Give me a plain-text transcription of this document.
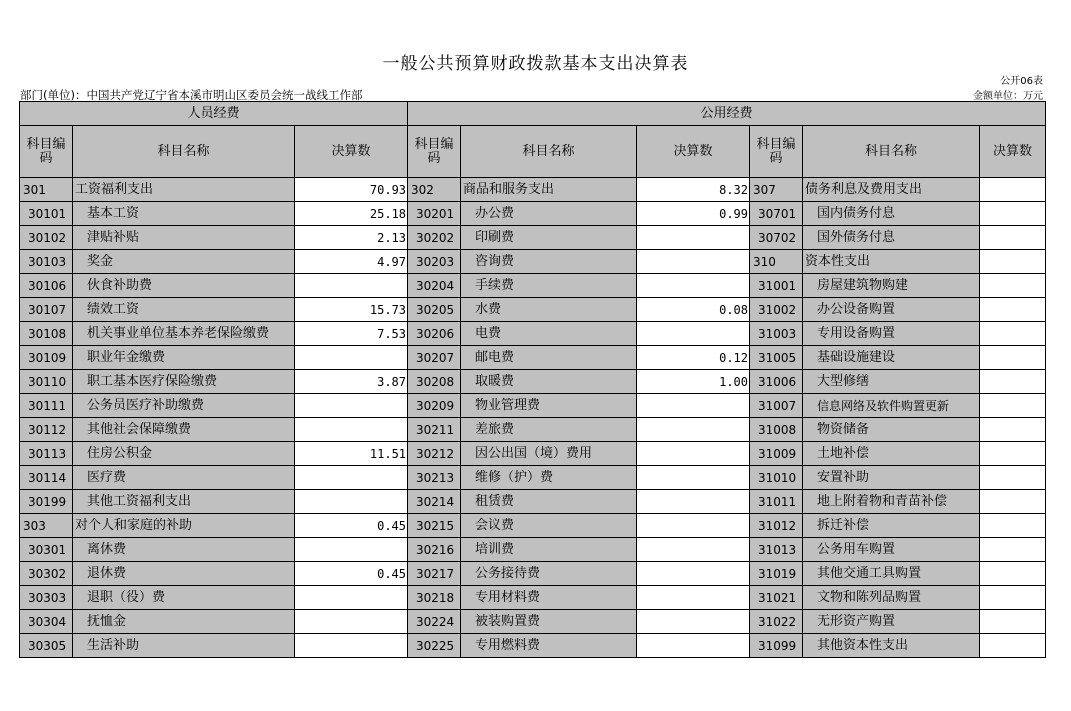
一般公共预算财政拨款基本支出决算表
公开06表
部门(单位)：中国共产党辽宁省本溪市明山区委员会统一战线工作部	金额单位：万元
人员经费			公用经费					
科目编码	科目名称	决算数	科目编码	科目名称	决算数	科目编码	科目名称	决算数
301	工资福利支出	70.93	302	商品和服务支出	8.32	307	债务利息及费用支出	
30101	基本工资	25.18	30201	办公费	0.99	30701	国内债务付息	
30102	津贴补贴	2.13	30202	印刷费		30702	国外债务付息	
30103	奖金	4.97	30203	咨询费		310	资本性支出	
30106	伙食补助费		30204	手续费		31001	房屋建筑物购建	
30107	绩效工资	15.73	30205	水费	0.08	31002	办公设备购置	
30108	机关事业单位基本养老保险缴费	7.53	30206	电费		31003	专用设备购置	
30109	职业年金缴费		30207	邮电费	0.12	31005	基础设施建设	
30110	职工基本医疗保险缴费	3.87	30208	取暖费	1.00	31006	大型修缮	
30111	公务员医疗补助缴费		30209	物业管理费		31007	信息网络及软件购置更新	
30112	其他社会保障缴费		30211	差旅费		31008	物资储备	
30113	住房公积金	11.51	30212	因公出国（境）费用		31009	土地补偿	
30114	医疗费		30213	维修（护）费		31010	安置补助	
30199	其他工资福利支出		30214	租赁费		31011	地上附着物和青苗补偿	
303	对个人和家庭的补助	0.45	30215	会议费		31012	拆迁补偿	
30301	离休费		30216	培训费		31013	公务用车购置	
30302	退休费	0.45	30217	公务接待费		31019	其他交通工具购置	
30303	退职（役）费		30218	专用材料费		31021	文物和陈列品购置	
30304	抚恤金		30224	被装购置费		31022	无形资产购置	
30305	生活补助		30225	专用燃料费		31099	其他资本性支出	
